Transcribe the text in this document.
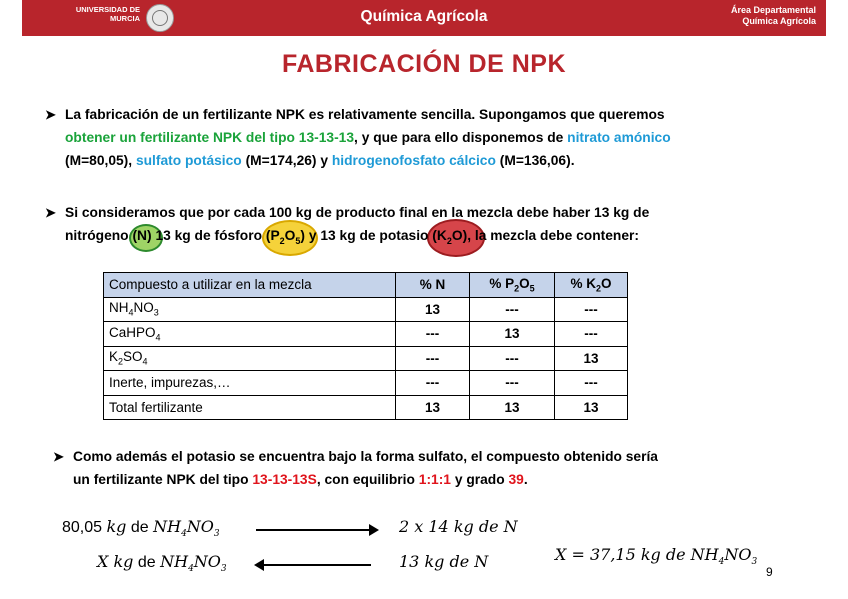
UNIVERSIDAD DE
MURCIA	Química Agrícola	Área Departamental
Química Agrícola
FABRICACIÓN DE NPK
➤ La fabricación de un fertilizante NPK es relativamente sencilla. Supongamos que queremos
obtener un fertilizante NPK del tipo 13-13-13, y que para ello disponemos de nitrato amónico
(M=80,05), sulfato potásico (M=174,26) y hidrogenofosfato cálcico (M=136,06).
➤ Si consideramos que por cada 100 kg de producto final en la mezcla debe haber 13 kg de
nitrógeno
(N) 13 kg de fósforo
$(P_2O_5)$ y 13 kg de potasio
$(K_2O)$, la mezcla debe contener:
Compuesto a utilizar en la mezcla	% N	% $P_2O_5$	% $K_2O$
$NH_4NO_3$	13	---	---
CaHPO$_4$	---	13	---
$K_2SO_4$	---	---	13
Inerte, impurezas,…	---	---	---
Total fertilizante	13	13	13
➤ Como además el potasio se encuentra bajo la forma sulfato, el compuesto obtenido sería
un fertilizante NPK del tipo 13-13-13S, con equilibrio 1:1:1 y grado 39.
80,05 kg de $NH_4NO_3$	2 x 14 kg de N
X kg de $NH_4NO_3$	13 kg de N	X = 37,15 kg de $NH_4NO_3$
9
